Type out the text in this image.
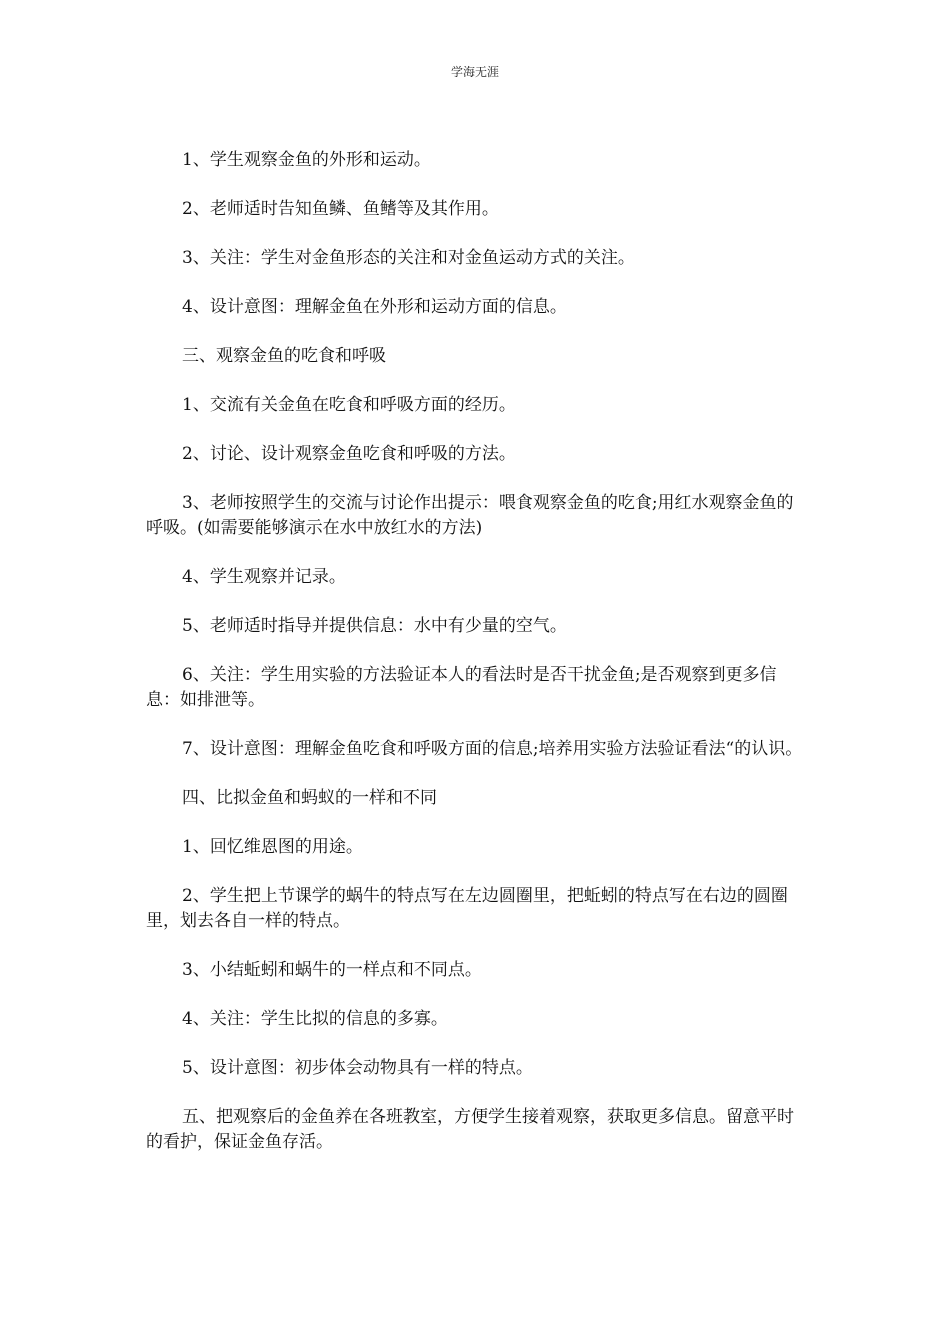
学海无涯

1、学生观察金鱼的外形和运动。

2、老师适时告知鱼鳞、鱼鳍等及其作用。

3、关注：学生对金鱼形态的关注和对金鱼运动方式的关注。

4、设计意图：理解金鱼在外形和运动方面的信息。

三、观察金鱼的吃食和呼吸

1、交流有关金鱼在吃食和呼吸方面的经历。

2、讨论、设计观察金鱼吃食和呼吸的方法。

3、老师按照学生的交流与讨论作出提示：喂食观察金鱼的吃食;用红水观察金鱼的呼吸。(如需要能够演示在水中放红水的方法)

4、学生观察并记录。

5、老师适时指导并提供信息：水中有少量的空气。

6、关注：学生用实验的方法验证本人的看法时是否干扰金鱼;是否观察到更多信息：如排泄等。

7、设计意图：理解金鱼吃食和呼吸方面的信息;培养用实验方法验证看法“的认识。

四、比拟金鱼和蚂蚁的一样和不同

1、回忆维恩图的用途。

2、学生把上节课学的蜗牛的特点写在左边圆圈里，把蚯蚓的特点写在右边的圆圈里，划去各自一样的特点。

3、小结蚯蚓和蜗牛的一样点和不同点。

4、关注：学生比拟的信息的多寡。

5、设计意图：初步体会动物具有一样的特点。

五、把观察后的金鱼养在各班教室，方便学生接着观察，获取更多信息。留意平时的看护，保证金鱼存活。
